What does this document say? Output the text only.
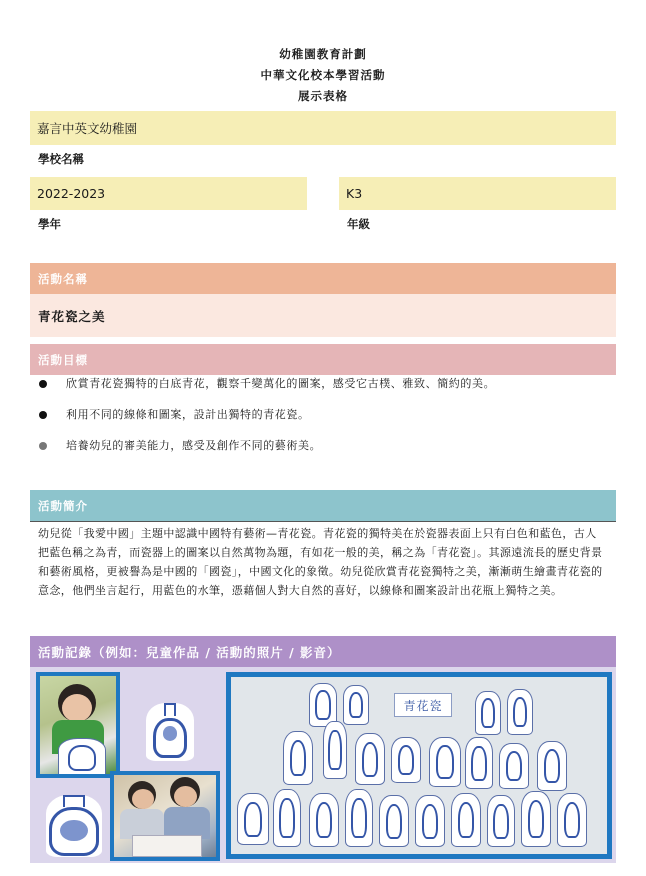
幼稚園教育計劃
中華文化校本學習活動
展示表格
嘉言中英文幼稚園
學校名稱
2022-2023
學年
K3
年級
活動名稱
青花瓷之美
活動目標
欣賞青花瓷獨特的白底青花，觀察千變萬化的圖案，感受它古樸、雅致、簡約的美。
利用不同的線條和圖案，設計出獨特的青花瓷。
培養幼兒的審美能力，感受及創作不同的藝術美。
活動簡介
幼兒從「我愛中國」主題中認識中國特有藝術—青花瓷。青花瓷的獨特美在於瓷器表面上只有白色和藍色，古人把藍色稱之為青，而瓷器上的圖案以自然萬物為題，有如花一般的美，稱之為「青花瓷」。其源遠流長的歷史背景和藝術風格，更被譽為是中國的「國瓷」，中國文化的象徵。幼兒從欣賞青花瓷獨特之美，漸漸萌生繪畫青花瓷的意念，他們坐言起行，用藍色的水筆，憑藉個人對大自然的喜好，以線條和圖案設計出花瓶上獨特之美。
活動記錄（例如：兒童作品 / 活動的照片 / 影音）
青花瓷
